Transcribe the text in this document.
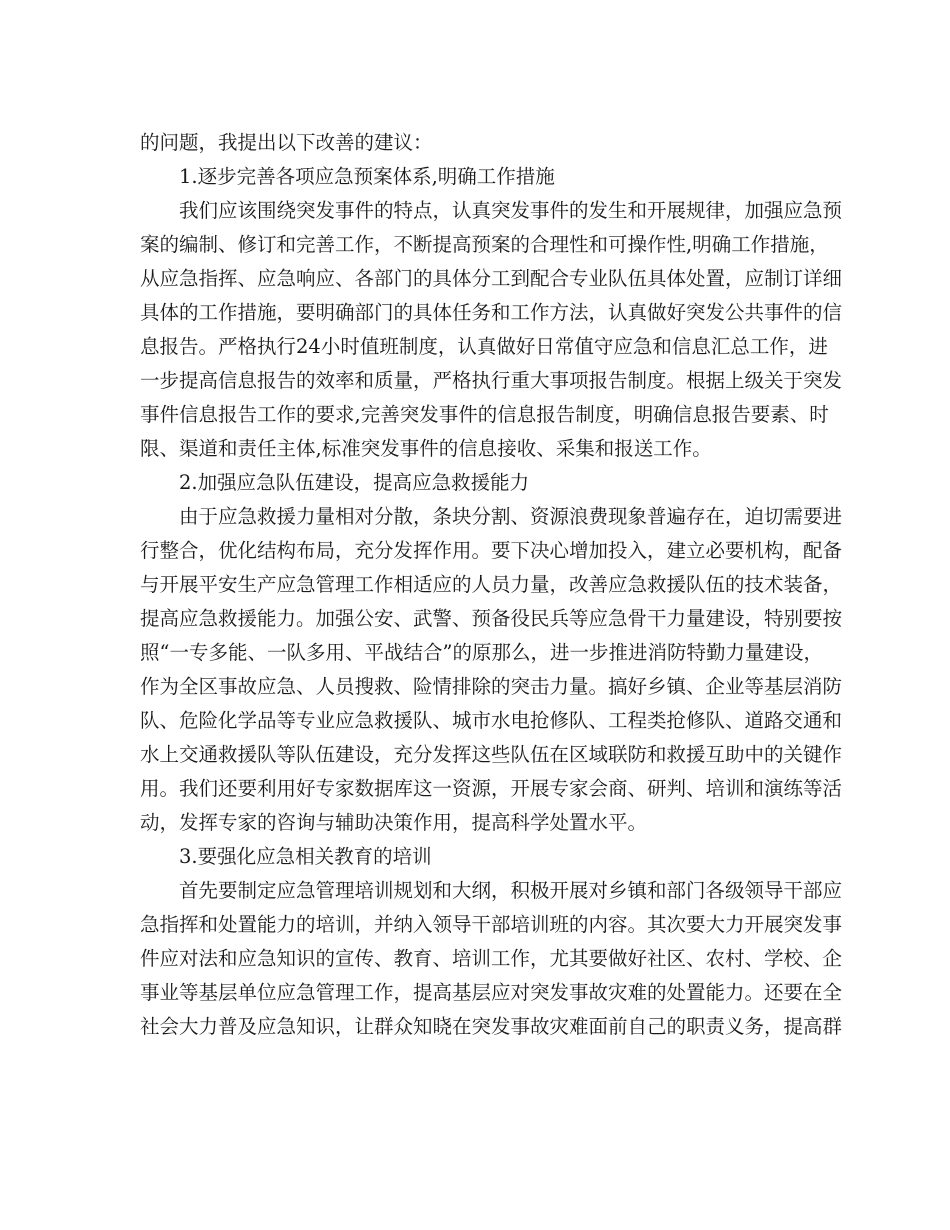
的问题，我提出以下改善的建议：
1.逐步完善各项应急预案体系,明确工作措施
我们应该围绕突发事件的特点，认真突发事件的发生和开展规律，加强应急预
案的编制、修订和完善工作，不断提高预案的合理性和可操作性,明确工作措施，
从应急指挥、应急响应、各部门的具体分工到配合专业队伍具体处置，应制订详细
具体的工作措施，要明确部门的具体任务和工作方法，认真做好突发公共事件的信
息报告。严格执行24小时值班制度，认真做好日常值守应急和信息汇总工作，进
一步提高信息报告的效率和质量，严格执行重大事项报告制度。根据上级关于突发
事件信息报告工作的要求,完善突发事件的信息报告制度，明确信息报告要素、时
限、渠道和责任主体,标准突发事件的信息接收、采集和报送工作。
2.加强应急队伍建设，提高应急救援能力
由于应急救援力量相对分散，条块分割、资源浪费现象普遍存在，迫切需要进
行整合，优化结构布局，充分发挥作用。要下决心增加投入，建立必要机构，配备
与开展平安生产应急管理工作相适应的人员力量，改善应急救援队伍的技术装备，
提高应急救援能力。加强公安、武警、预备役民兵等应急骨干力量建设，特别要按
照“一专多能、一队多用、平战结合”的原那么，进一步推进消防特勤力量建设，
作为全区事故应急、人员搜救、险情排除的突击力量。搞好乡镇、企业等基层消防
队、危险化学品等专业应急救援队、城市水电抢修队、工程类抢修队、道路交通和
水上交通救援队等队伍建设，充分发挥这些队伍在区域联防和救援互助中的关键作
用。我们还要利用好专家数据库这一资源，开展专家会商、研判、培训和演练等活
动，发挥专家的咨询与辅助决策作用，提高科学处置水平。
3.要强化应急相关教育的培训
首先要制定应急管理培训规划和大纲，积极开展对乡镇和部门各级领导干部应
急指挥和处置能力的培训，并纳入领导干部培训班的内容。其次要大力开展突发事
件应对法和应急知识的宣传、教育、培训工作，尤其要做好社区、农村、学校、企
事业等基层单位应急管理工作，提高基层应对突发事故灾难的处置能力。还要在全
社会大力普及应急知识，让群众知晓在突发事故灾难面前自己的职责义务，提高群
